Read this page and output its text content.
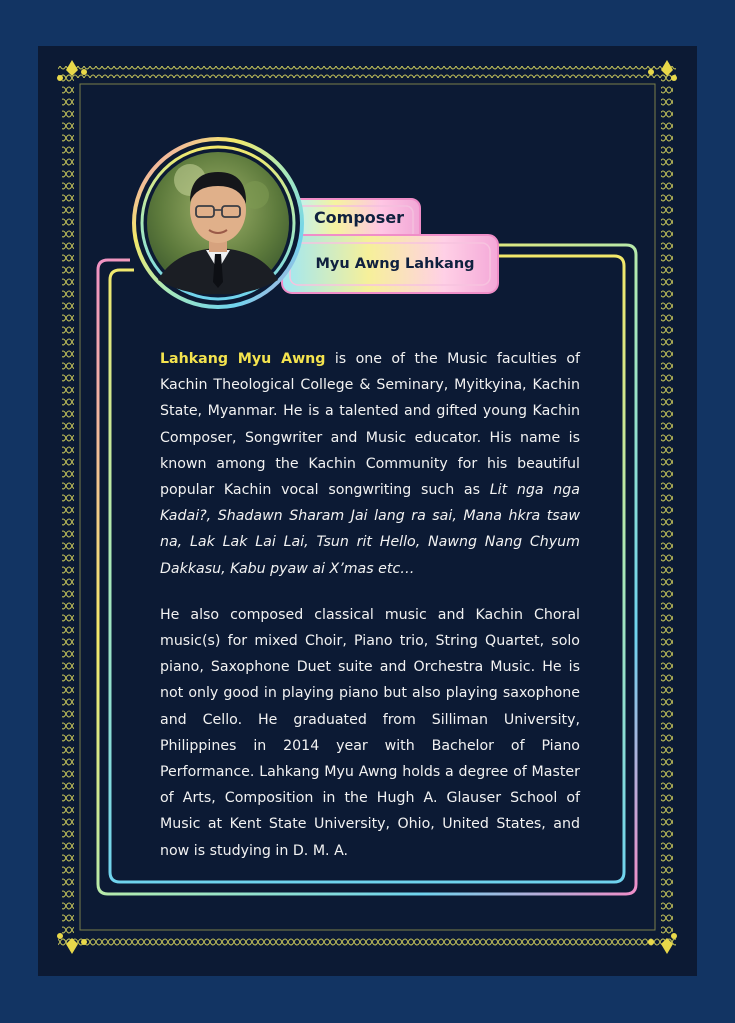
Composer
Myu Awng Lahkang

Lahkang Myu Awng is one of the Music faculties of Kachin Theological College & Seminary, Myitkyina, Kachin State, Myanmar. He is a talented and gifted young Kachin Composer, Songwriter and Music educator. His name is known among the Kachin Community for his beautiful popular Kachin vocal songwriting such as Lit nga nga Kadai?, Shadawn Sharam Jai lang ra sai, Mana hkra tsaw na, Lak Lak Lai Lai, Tsun rit Hello, Nawng Nang Chyum Dakkasu, Kabu pyaw ai X’mas etc…

He also composed classical music and Kachin Choral music(s) for mixed Choir, Piano trio, String Quartet, solo piano, Saxophone Duet suite and Orchestra Music. He is not only good in playing piano but also playing saxophone and Cello. He graduated from Silliman University, Philippines in 2014 year with Bachelor of Piano Performance. Lahkang Myu Awng holds a degree of Master of Arts, Composition in the Hugh A. Glauser School of Music at Kent State University, Ohio, United States, and now is studying in D. M. A.
